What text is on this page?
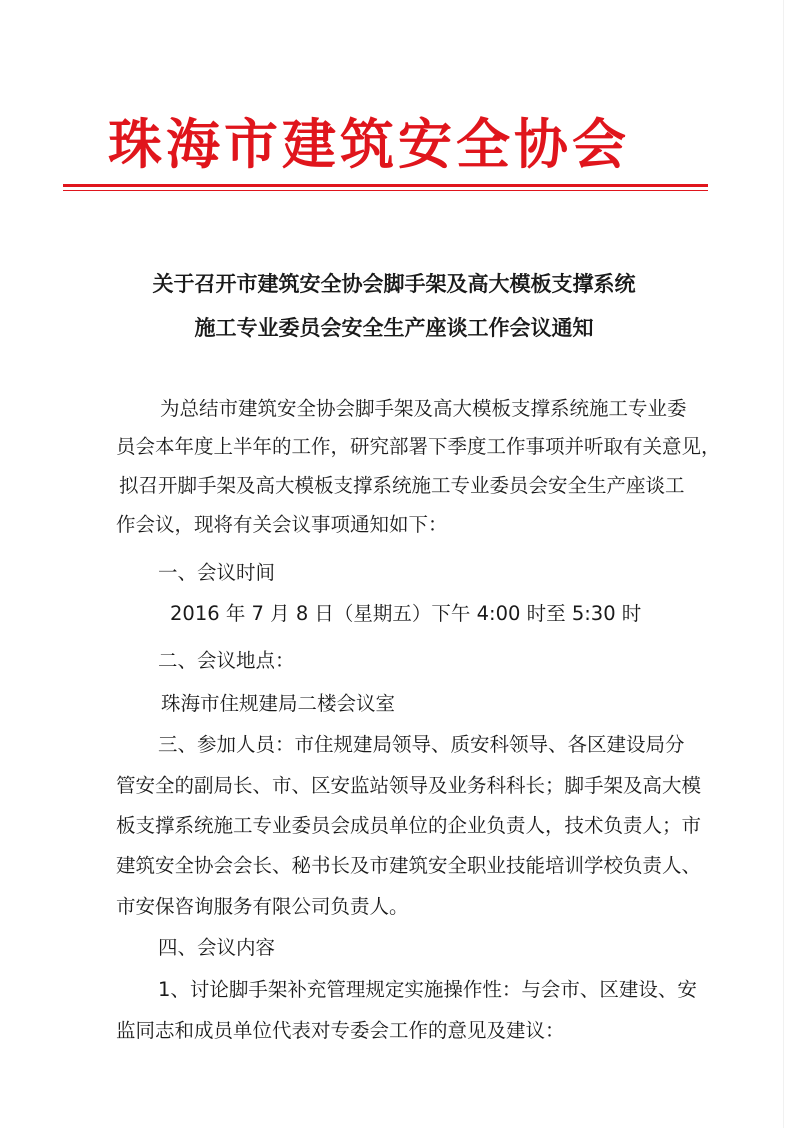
珠海市建筑安全协会
关于召开市建筑安全协会脚手架及高大模板支撑系统
施工专业委员会安全生产座谈工作会议通知
为总结市建筑安全协会脚手架及高大模板支撑系统施工专业委
员会本年度上半年的工作，研究部署下季度工作事项并听取有关意见，
拟召开脚手架及高大模板支撑系统施工专业委员会安全生产座谈工
作会议，现将有关会议事项通知如下：
一、会议时间
2016 年 7 月 8 日（星期五）下午 4:00 时至 5:30 时
二、会议地点：
珠海市住规建局二楼会议室
三、参加人员：市住规建局领导、质安科领导、各区建设局分
管安全的副局长、市、区安监站领导及业务科科长；脚手架及高大模
板支撑系统施工专业委员会成员单位的企业负责人，技术负责人；市
建筑安全协会会长、秘书长及市建筑安全职业技能培训学校负责人、
市安保咨询服务有限公司负责人。
四、会议内容
1、讨论脚手架补充管理规定实施操作性：与会市、区建设、安
监同志和成员单位代表对专委会工作的意见及建议：
